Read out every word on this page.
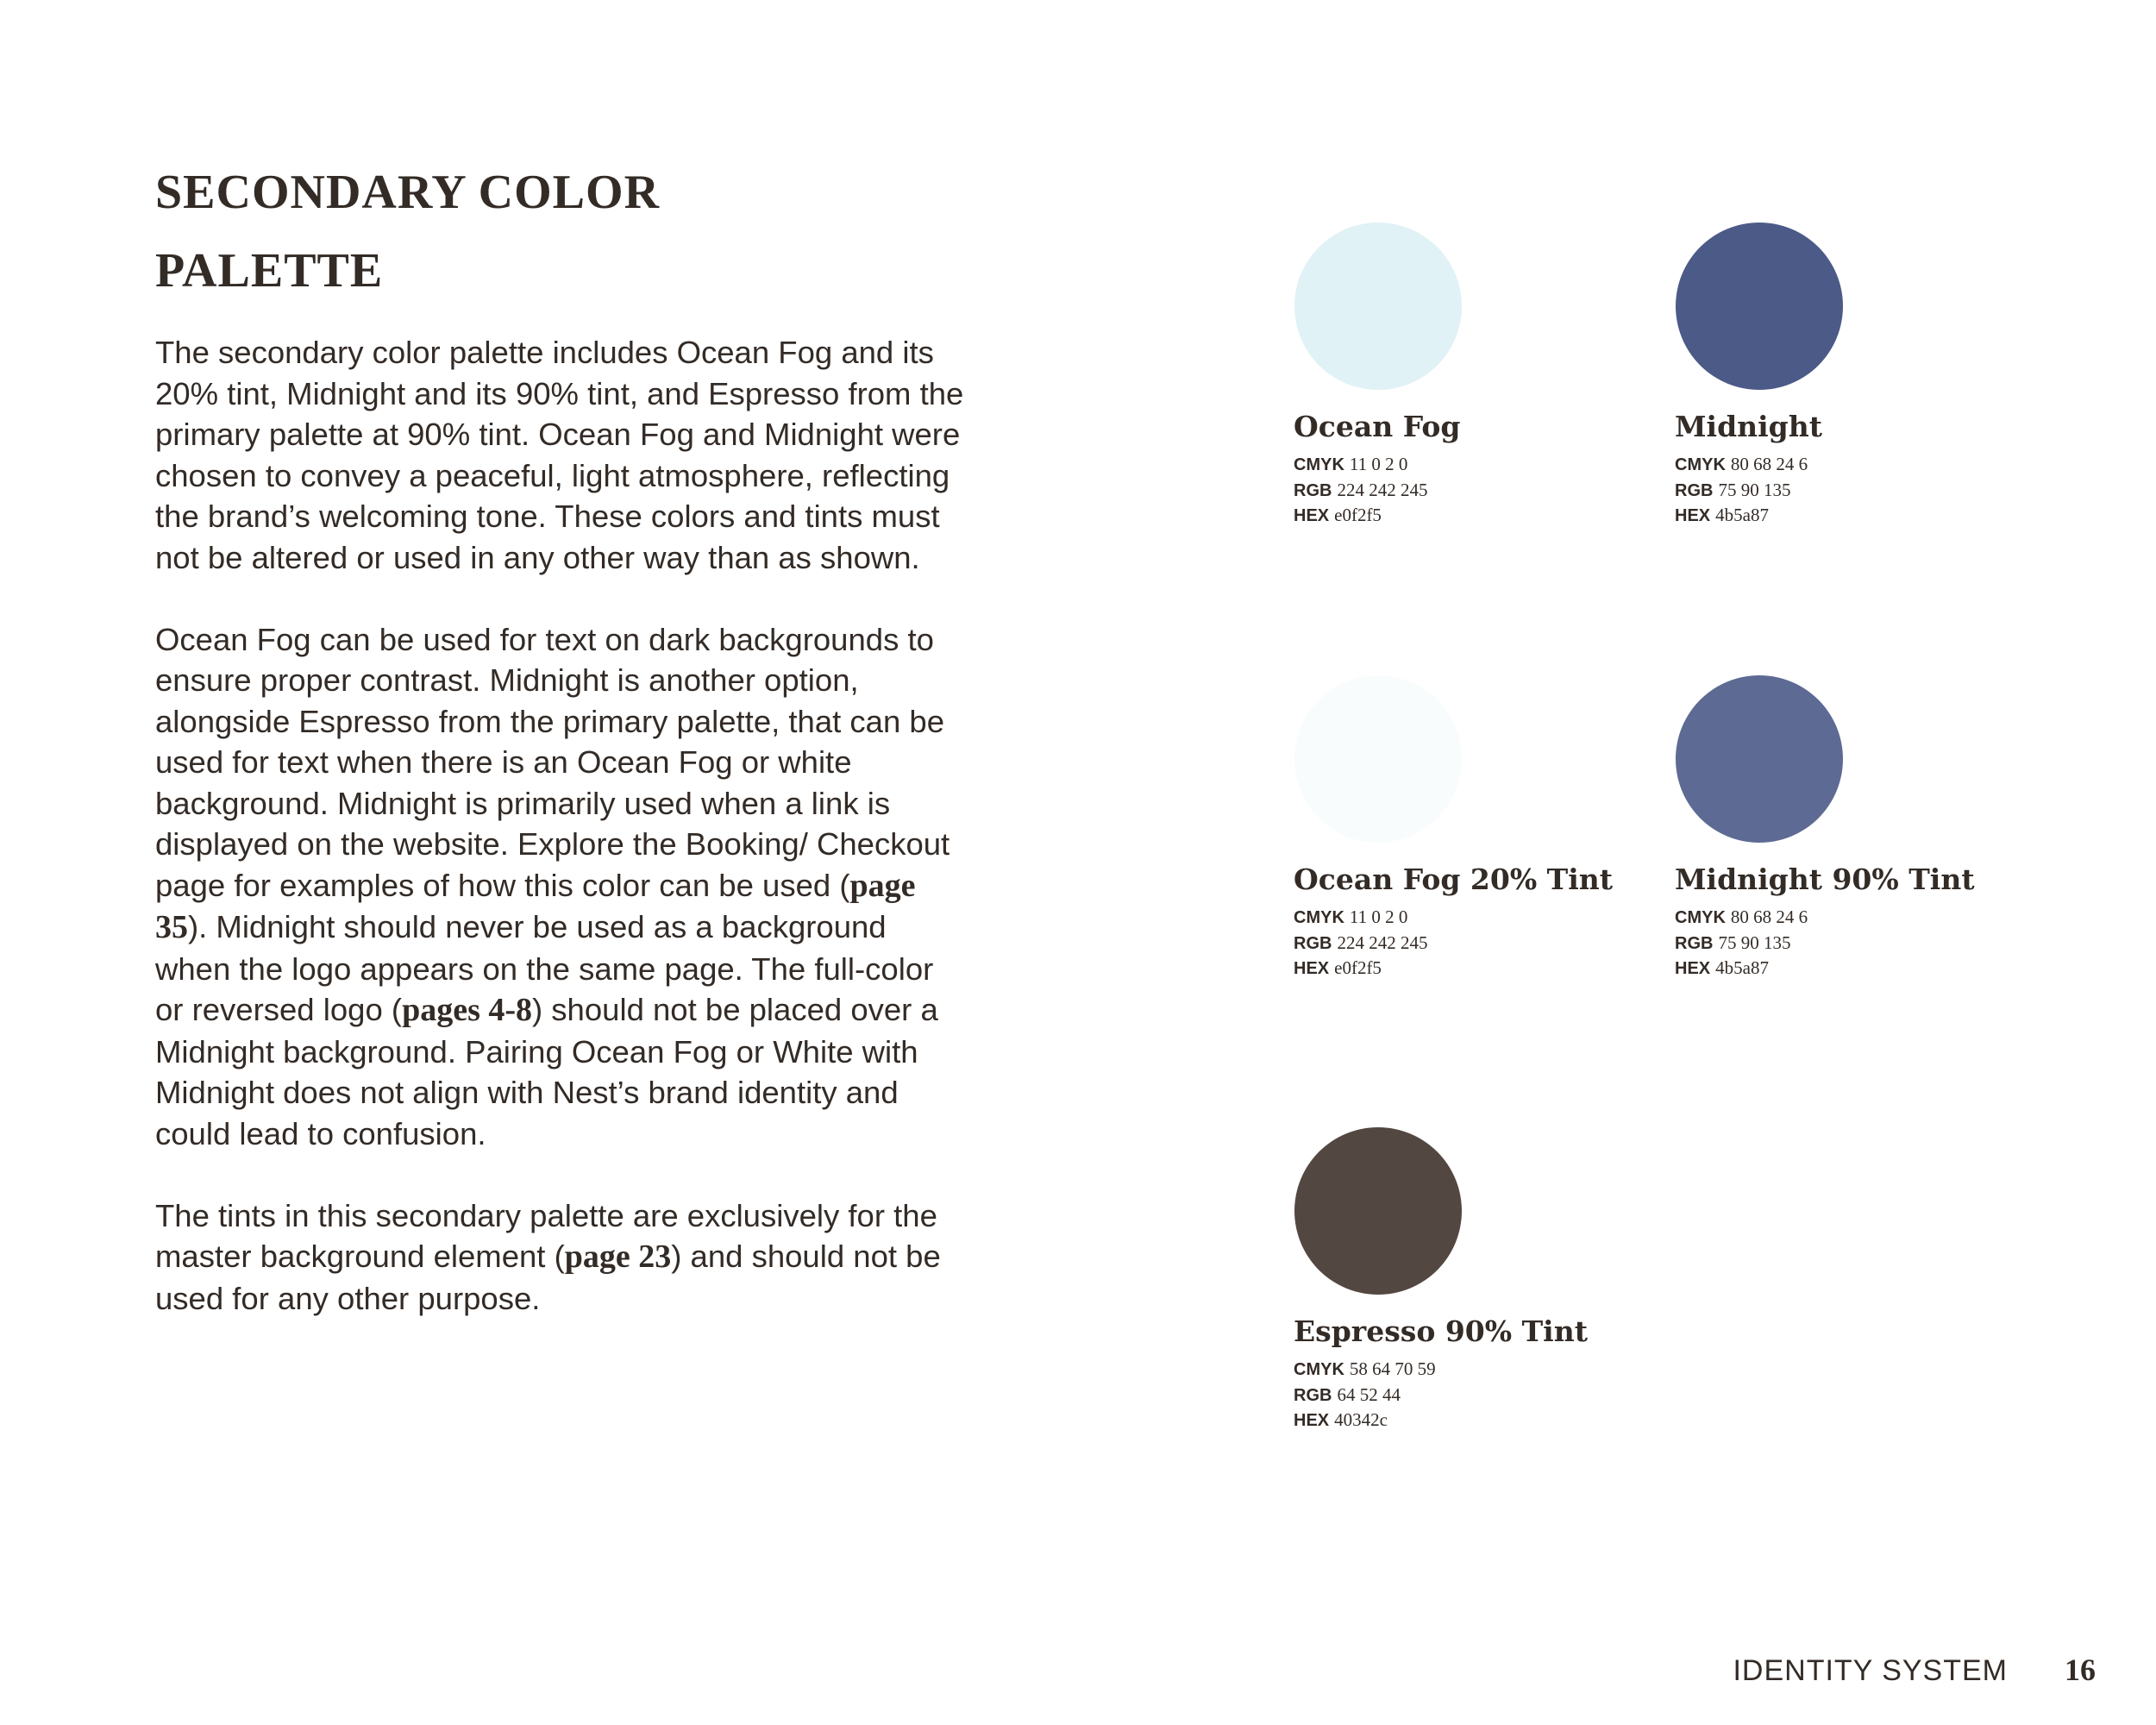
SECONDARY COLOR
PALETTE

The secondary color palette includes Ocean Fog and its 20% tint, Midnight and its 90% tint, and Espresso from the primary palette at 90% tint. Ocean Fog and Midnight were chosen to convey a peaceful, light atmosphere, reflecting the brand’s welcoming tone. These colors and tints must not be altered or used in any other way than as shown.

Ocean Fog can be used for text on dark backgrounds to ensure proper contrast. Midnight is another option, alongside Espresso from the primary palette, that can be used for text when there is an Ocean Fog or white background. Midnight is primarily used when a link is displayed on the website. Explore the Booking/ Checkout page for examples of how this color can be used (page 35). Midnight should never be used as a background when the logo appears on the same page. The full-color or reversed logo (pages 4-8) should not be placed over a Midnight background. Pairing Ocean Fog or White with Midnight does not align with Nest’s brand identity and could lead to confusion.

The tints in this secondary palette are exclusively for the master background element (page 23) and should not be used for any other purpose.

Ocean Fog
CMYK 11 0 2 0
RGB 224 242 245
HEX e0f2f5
Midnight
CMYK 80 68 24 6
RGB 75 90 135
HEX 4b5a87
Ocean Fog 20% Tint
CMYK 11 0 2 0
RGB 224 242 245
HEX e0f2f5
Midnight 90% Tint
CMYK 80 68 24 6
RGB 75 90 135
HEX 4b5a87
Espresso 90% Tint
CMYK 58 64 70 59
RGB 64 52 44
HEX 40342c
IDENTITY SYSTEM 16
